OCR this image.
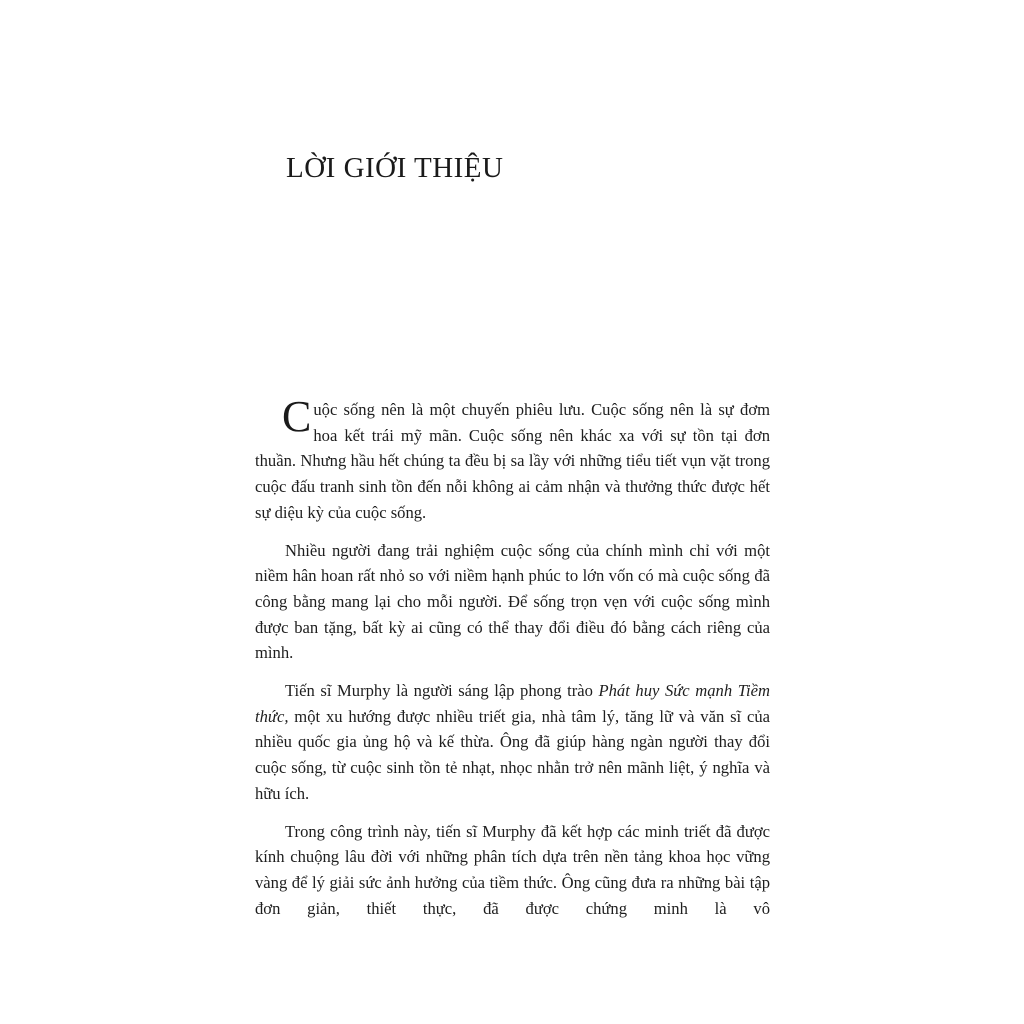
LỜI GIỚI THIỆU

Cuộc sống nên là một chuyến phiêu lưu. Cuộc sống nên là sự đơm hoa kết trái mỹ mãn. Cuộc sống nên khác xa với sự tồn tại đơn thuần. Nhưng hầu hết chúng ta đều bị sa lầy với những tiểu tiết vụn vặt trong cuộc đấu tranh sinh tồn đến nỗi không ai cảm nhận và thưởng thức được hết sự diệu kỳ của cuộc sống.

Nhiều người đang trải nghiệm cuộc sống của chính mình chỉ với một niềm hân hoan rất nhỏ so với niềm hạnh phúc to lớn vốn có mà cuộc sống đã công bằng mang lại cho mỗi người. Để sống trọn vẹn với cuộc sống mình được ban tặng, bất kỳ ai cũng có thể thay đổi điều đó bằng cách riêng của mình.

Tiến sĩ Murphy là người sáng lập phong trào Phát huy Sức mạnh Tiềm thức, một xu hướng được nhiều triết gia, nhà tâm lý, tăng lữ và văn sĩ của nhiều quốc gia ủng hộ và kế thừa. Ông đã giúp hàng ngàn người thay đổi cuộc sống, từ cuộc sinh tồn tẻ nhạt, nhọc nhằn trở nên mãnh liệt, ý nghĩa và hữu ích.

Trong công trình này, tiến sĩ Murphy đã kết hợp các minh triết đã được kính chuộng lâu đời với những phân tích dựa trên nền tảng khoa học vững vàng để lý giải sức ảnh hưởng của tiềm thức. Ông cũng đưa ra những bài tập đơn giản, thiết thực, đã được chứng minh là vô
